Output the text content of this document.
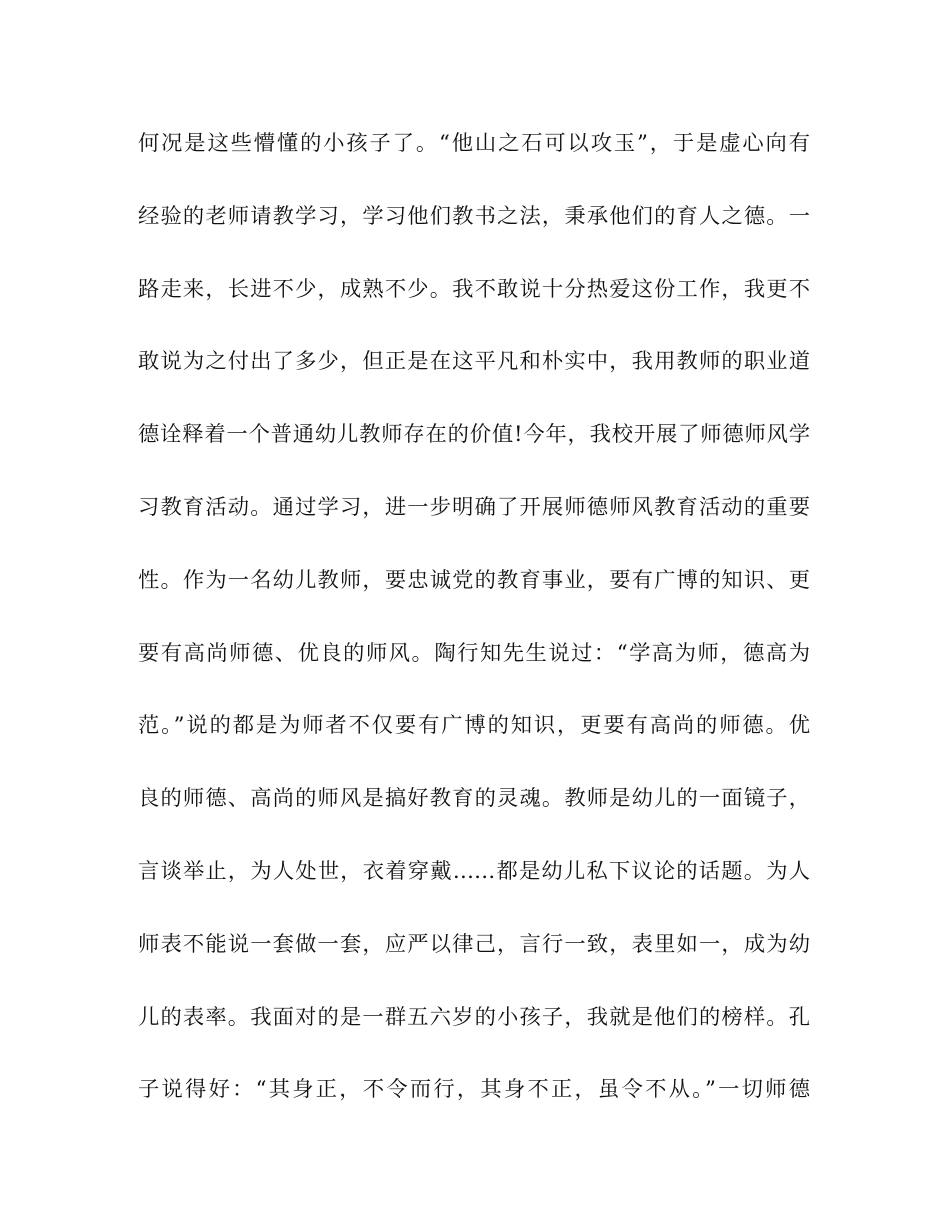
何况是这些懵懂的小孩子了。“他山之石可以攻玉”，于是虚心向有
经验的老师请教学习，学习他们教书之法，秉承他们的育人之德。一
路走来，长进不少，成熟不少。我不敢说十分热爱这份工作，我更不
敢说为之付出了多少，但正是在这平凡和朴实中，我用教师的职业道
德诠释着一个普通幼儿教师存在的价值!今年，我校开展了师德师风学
习教育活动。通过学习，进一步明确了开展师德师风教育活动的重要
性。作为一名幼儿教师，要忠诚党的教育事业，要有广博的知识、更
要有高尚师德、优良的师风。陶行知先生说过：“学高为师，德高为
范。”说的都是为师者不仅要有广博的知识，更要有高尚的师德。优
良的师德、高尚的师风是搞好教育的灵魂。教师是幼儿的一面镜子，
言谈举止，为人处世，衣着穿戴……都是幼儿私下议论的话题。为人
师表不能说一套做一套，应严以律己，言行一致，表里如一，成为幼
儿的表率。我面对的是一群五六岁的小孩子，我就是他们的榜样。孔
子说得好：“其身正，不令而行，其身不正，虽令不从。”一切师德
